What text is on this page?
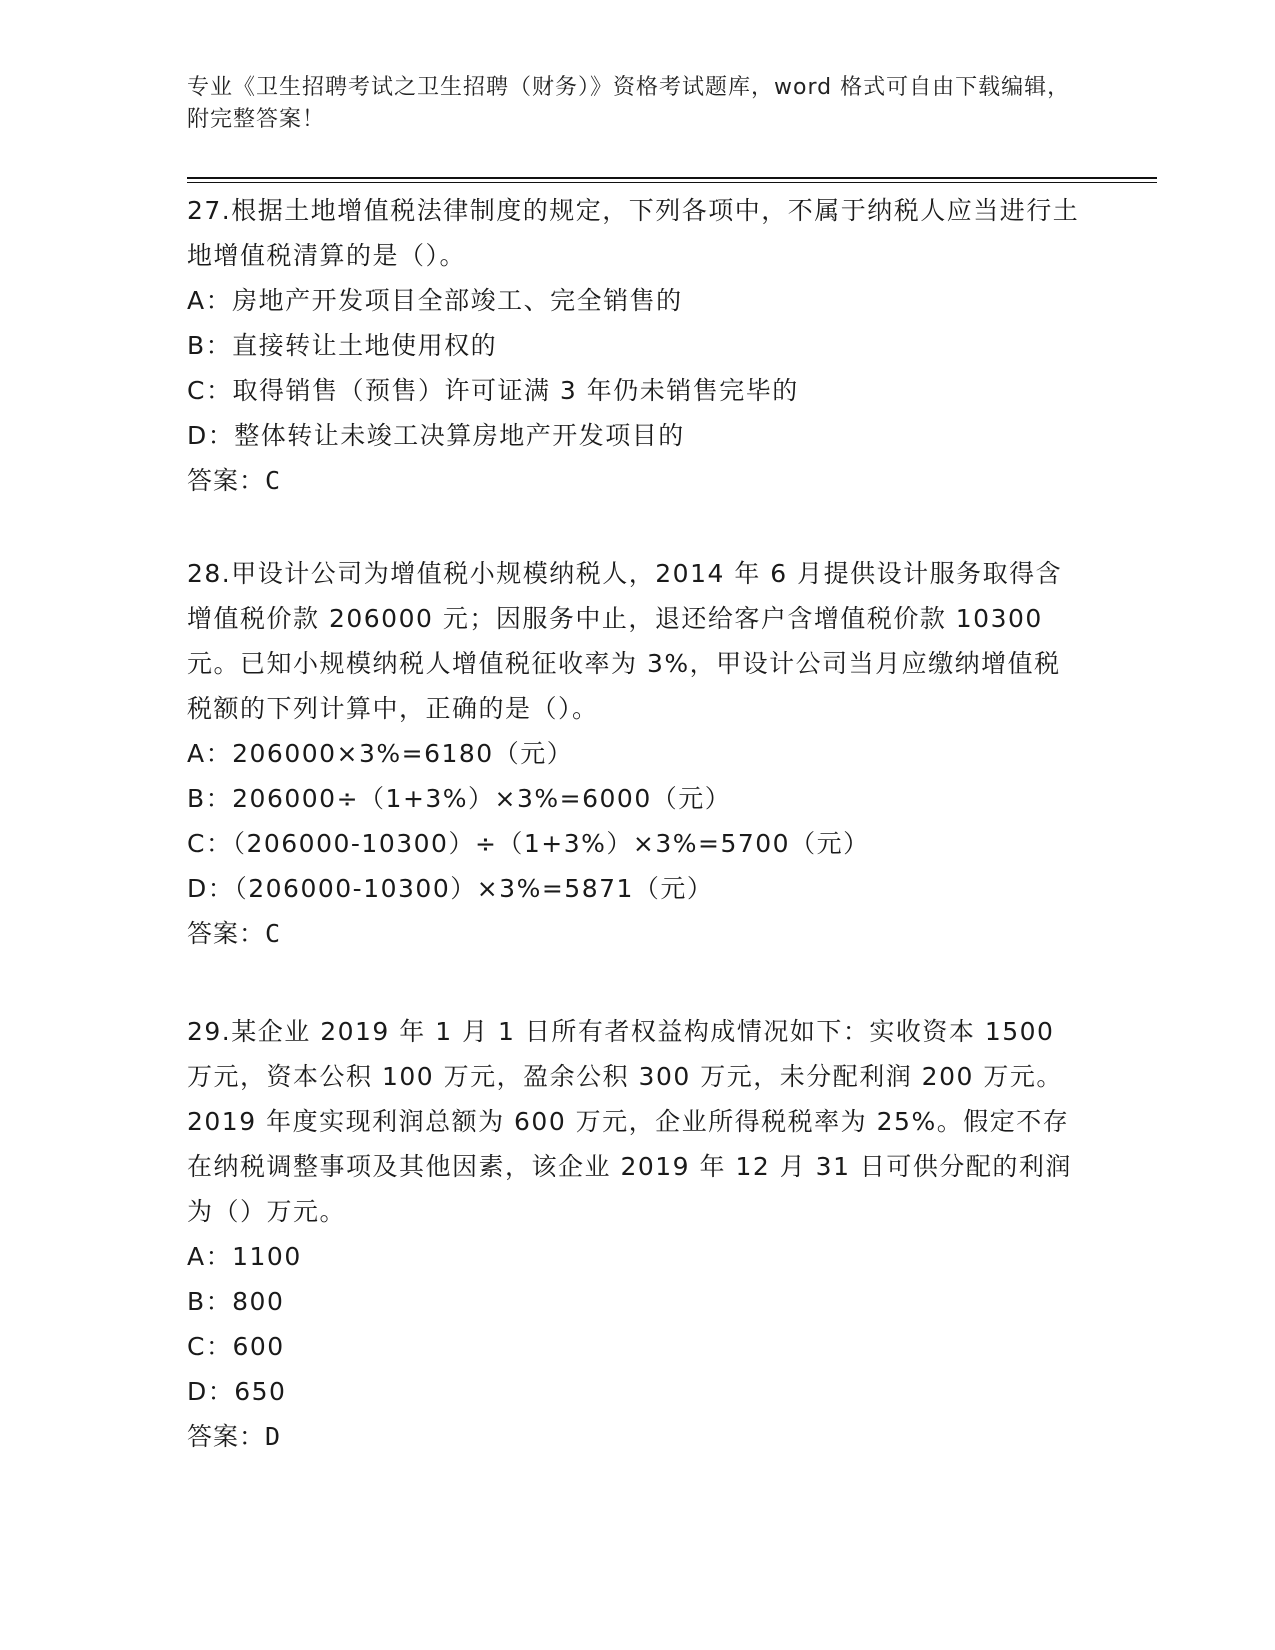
专业《卫生招聘考试之卫生招聘（财务）》资格考试题库，word 格式可自由下载编辑，附完整答案！
27.根据土地增值税法律制度的规定，下列各项中，不属于纳税人应当进行土地增值税清算的是（）。
A：房地产开发项目全部竣工、完全销售的
B：直接转让土地使用权的
C：取得销售（预售）许可证满 3 年仍未销售完毕的
D：整体转让未竣工决算房地产开发项目的
答案：C
28.甲设计公司为增值税小规模纳税人，2014 年 6 月提供设计服务取得含增值税价款 206000 元；因服务中止，退还给客户含增值税价款 10300 元。已知小规模纳税人增值税征收率为 3%，甲设计公司当月应缴纳增值税税额的下列计算中，正确的是（）。
A：206000×3%=6180（元）
B：206000÷（1+3%）×3%=6000（元）
C：（206000-10300）÷（1+3%）×3%=5700（元）
D：（206000-10300）×3%=5871（元）
答案：C
29.某企业 2019 年 1 月 1 日所有者权益构成情况如下：实收资本 1500 万元，资本公积 100 万元，盈余公积 300 万元，未分配利润 200 万元。2019 年度实现利润总额为 600 万元，企业所得税税率为 25%。假定不存在纳税调整事项及其他因素，该企业 2019 年 12 月 31 日可供分配的利润为（）万元。
A：1100
B：800
C：600
D：650
答案：D
